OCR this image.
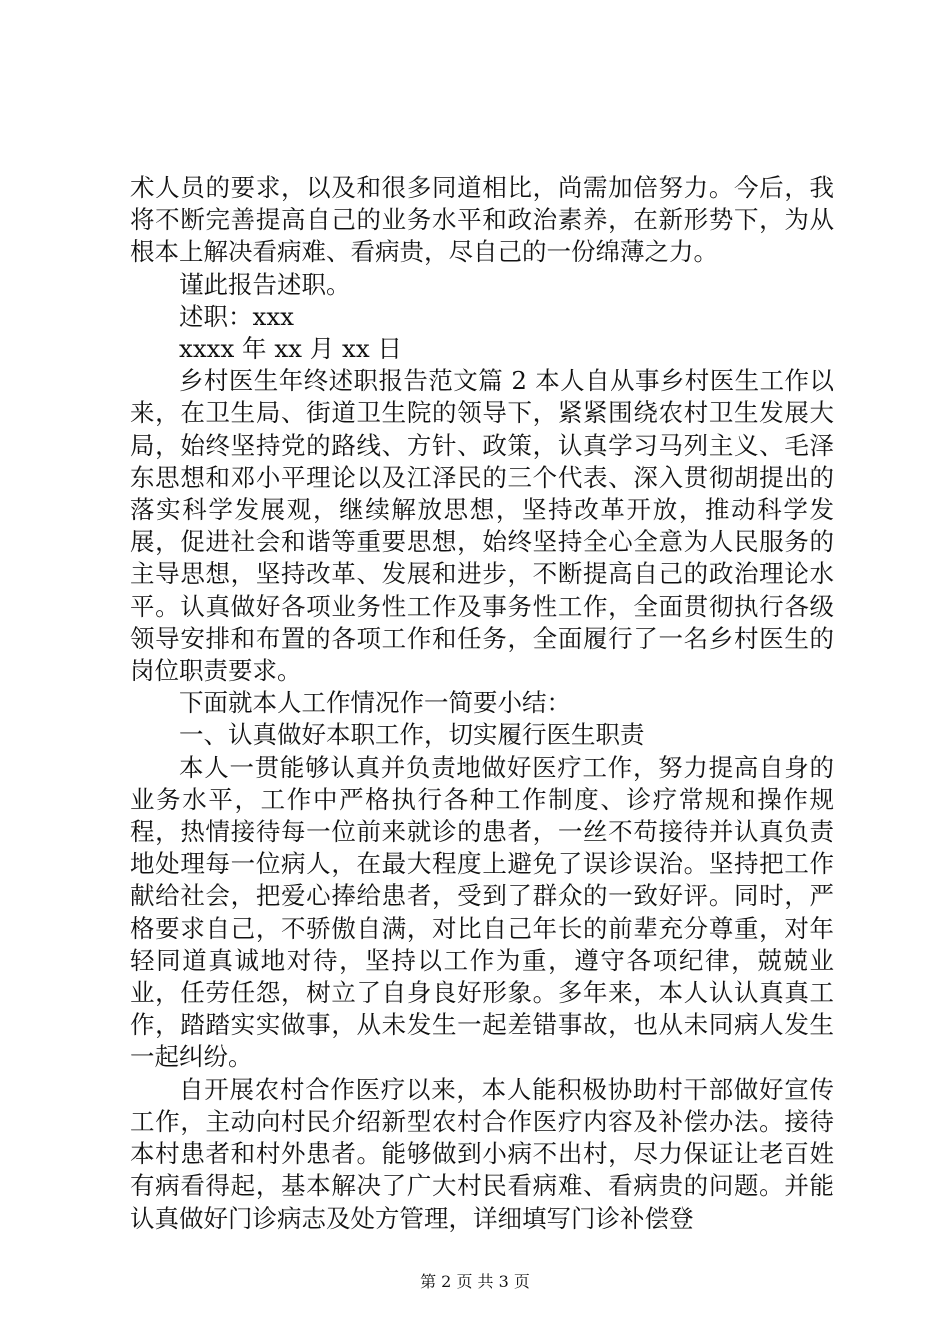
术人员的要求，以及和很多同道相比，尚需加倍努力。今后，我将不断完善提高自己的业务水平和政治素养，在新形势下，为从根本上解决看病难、看病贵，尽自己的一份绵薄之力。

谨此报告述职。

述职：xxx

xxxx 年 xx 月 xx 日

乡村医生年终述职报告范文篇 2 本人自从事乡村医生工作以来，在卫生局、街道卫生院的领导下，紧紧围绕农村卫生发展大局，始终坚持党的路线、方针、政策，认真学习马列主义、毛泽东思想和邓小平理论以及江泽民的三个代表、深入贯彻胡提出的落实科学发展观，继续解放思想，坚持改革开放，推动科学发展，促进社会和谐等重要思想，始终坚持全心全意为人民服务的主导思想，坚持改革、发展和进步，不断提高自己的政治理论水平。认真做好各项业务性工作及事务性工作，全面贯彻执行各级领导安排和布置的各项工作和任务，全面履行了一名乡村医生的岗位职责要求。

下面就本人工作情况作一简要小结：

一、认真做好本职工作，切实履行医生职责

本人一贯能够认真并负责地做好医疗工作，努力提高自身的业务水平，工作中严格执行各种工作制度、诊疗常规和操作规程，热情接待每一位前来就诊的患者，一丝不苟接待并认真负责地处理每一位病人，在最大程度上避免了误诊误治。坚持把工作献给社会，把爱心捧给患者，受到了群众的一致好评。同时，严格要求自己，不骄傲自满，对比自己年长的前辈充分尊重，对年轻同道真诚地对待，坚持以工作为重，遵守各项纪律，兢兢业业，任劳任怨，树立了自身良好形象。多年来，本人认认真真工作，踏踏实实做事，从未发生一起差错事故，也从未同病人发生一起纠纷。

自开展农村合作医疗以来，本人能积极协助村干部做好宣传工作，主动向村民介绍新型农村合作医疗内容及补偿办法。接待本村患者和村外患者。能够做到小病不出村，尽力保证让老百姓有病看得起，基本解决了广大村民看病难、看病贵的问题。并能认真做好门诊病志及处方管理，详细填写门诊补偿登

第 2 页 共 3 页
